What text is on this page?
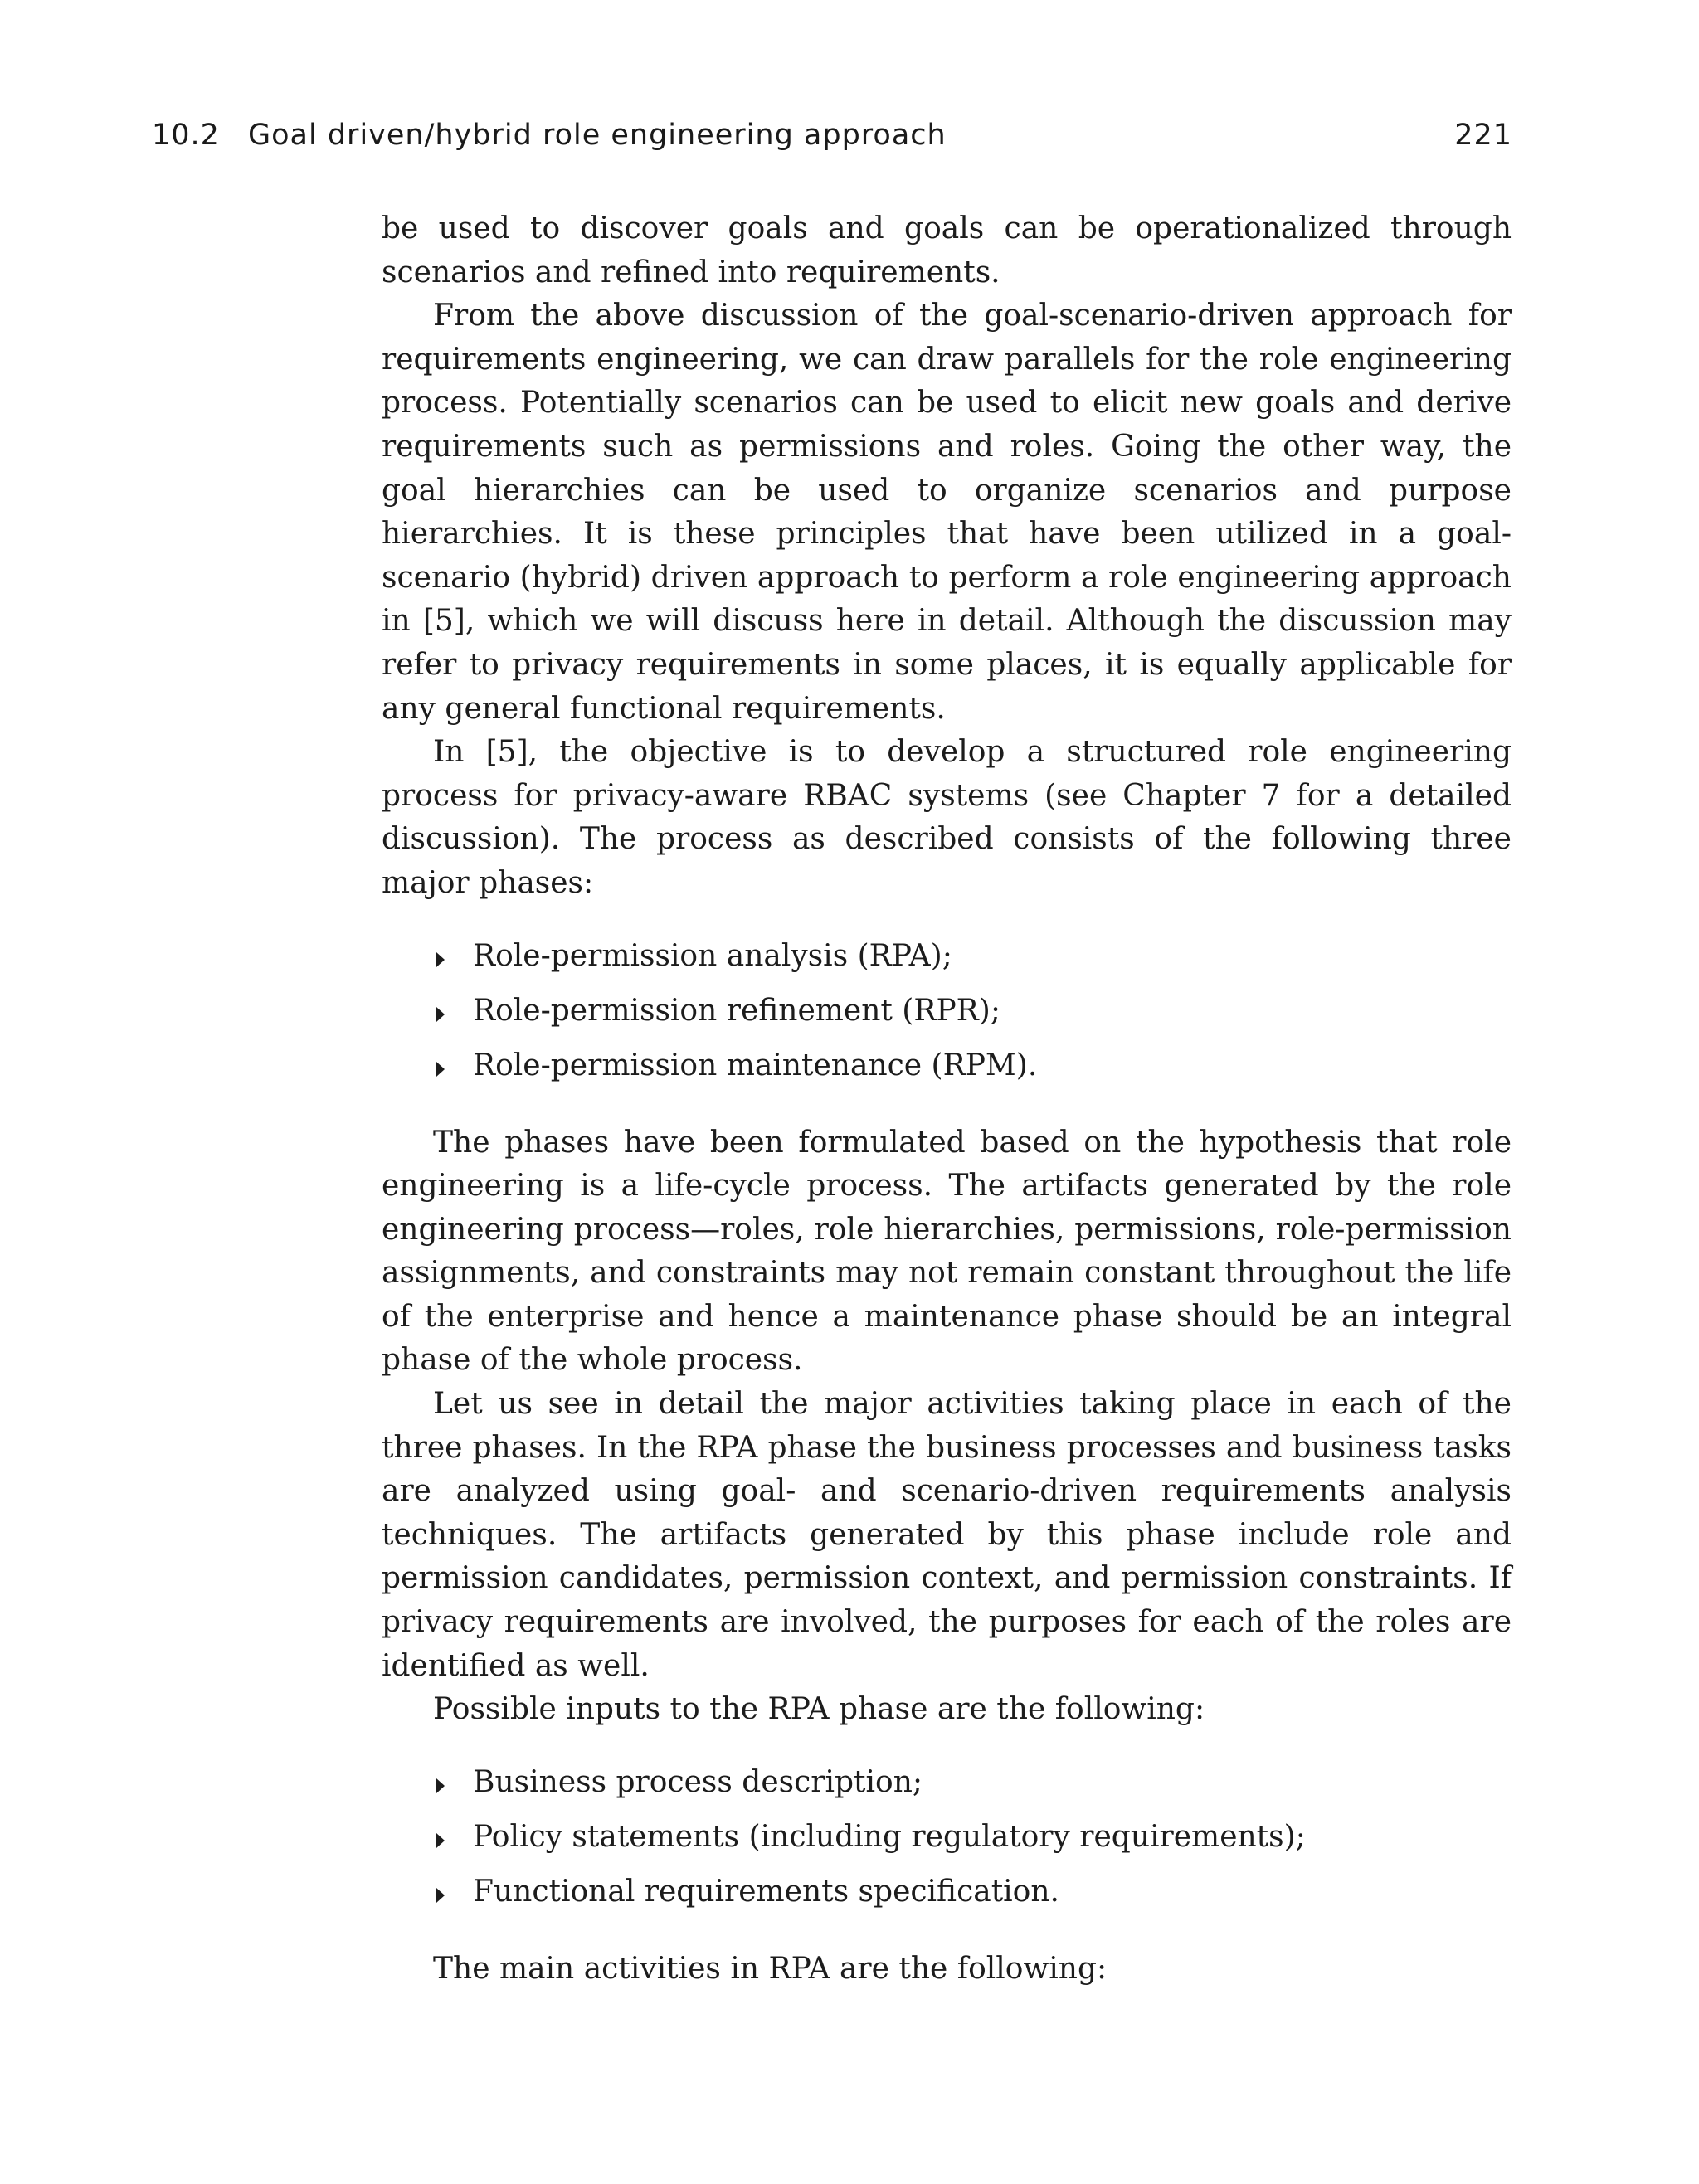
10.2 Goal driven/hybrid role engineering approach	221

be used to discover goals and goals can be operationalized through scenarios and refined into requirements.

From the above discussion of the goal-scenario-driven approach for requirements engineering, we can draw parallels for the role engineering process. Potentially scenarios can be used to elicit new goals and derive requirements such as permissions and roles. Going the other way, the goal hierarchies can be used to organize scenarios and purpose hierarchies. It is these principles that have been utilized in a goal-scenario (hybrid) driven approach to perform a role engineering approach in [5], which we will discuss here in detail. Although the discussion may refer to privacy requirements in some places, it is equally applicable for any general functional requirements.

In [5], the objective is to develop a structured role engineering process for privacy-aware RBAC systems (see Chapter 7 for a detailed discussion). The process as described consists of the following three major phases:

Role-permission analysis (RPA);
Role-permission refinement (RPR);
Role-permission maintenance (RPM).

The phases have been formulated based on the hypothesis that role engineering is a life-cycle process. The artifacts generated by the role engineering process—roles, role hierarchies, permissions, role-permission assignments, and constraints may not remain constant throughout the life of the enterprise and hence a maintenance phase should be an integral phase of the whole process.

Let us see in detail the major activities taking place in each of the three phases. In the RPA phase the business processes and business tasks are analyzed using goal- and scenario-driven requirements analysis techniques. The artifacts generated by this phase include role and permission candidates, permission context, and permission constraints. If privacy requirements are involved, the purposes for each of the roles are identified as well.

Possible inputs to the RPA phase are the following:

Business process description;
Policy statements (including regulatory requirements);
Functional requirements specification.

The main activities in RPA are the following:
